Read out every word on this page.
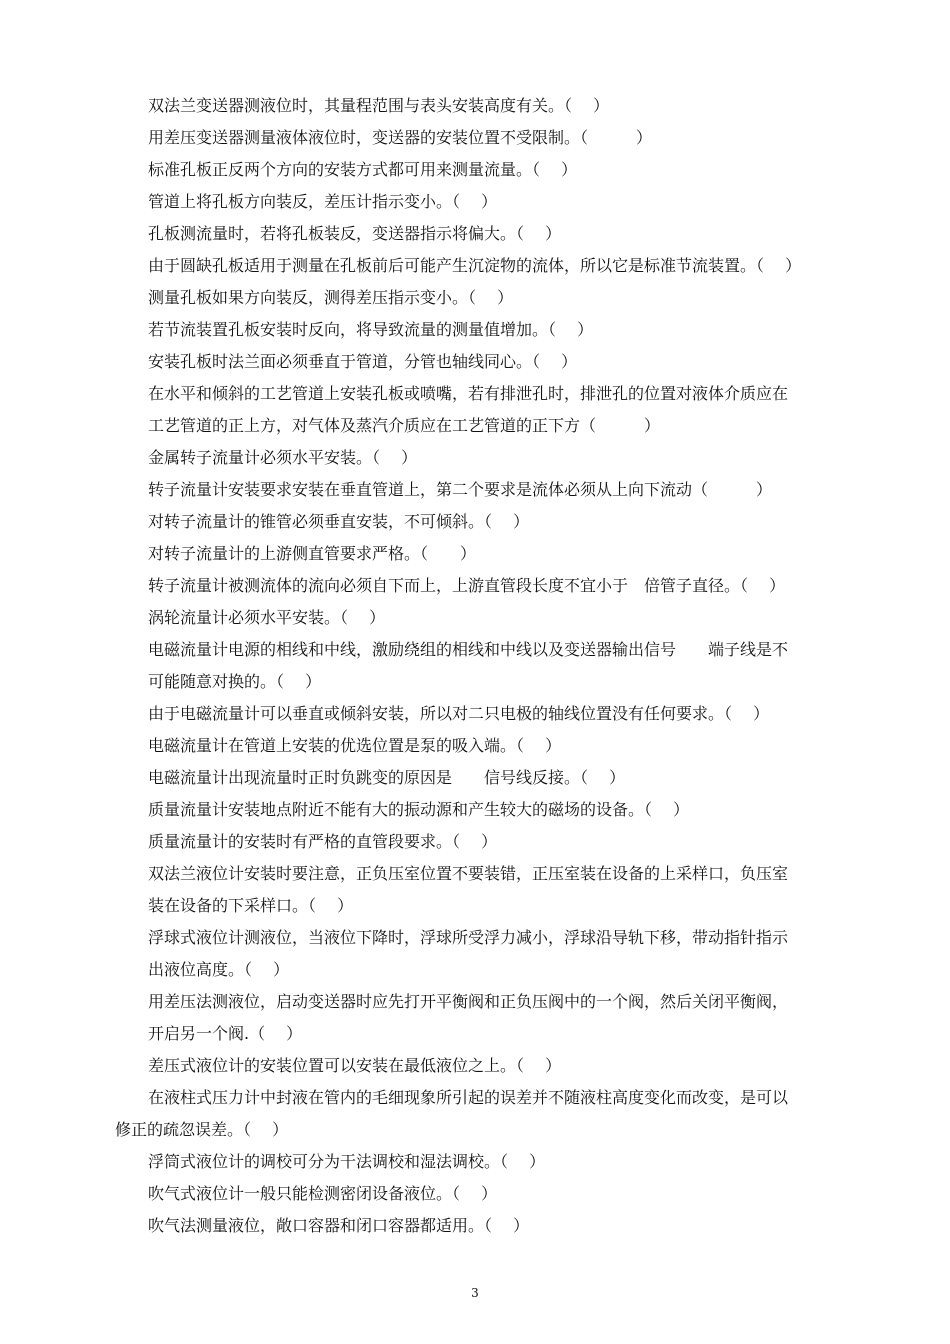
双法兰变送器测液位时，其量程范围与表头安装高度有关。（　 ）
用差压变送器测量液体液位时，变送器的安装位置不受限制。（　　　）
标准孔板正反两个方向的安装方式都可用来测量流量。（　 ）
管道上将孔板方向装反，差压计指示变小。（　 ）
孔板测流量时，若将孔板装反，变送器指示将偏大。（　 ）
由于圆缺孔板适用于测量在孔板前后可能产生沉淀物的流体，所以它是标准节流装置。（　 ）
测量孔板如果方向装反，测得差压指示变小。（　 ）
若节流装置孔板安装时反向，将导致流量的测量值增加。（　 ）
安装孔板时法兰面必须垂直于管道，分管也轴线同心。（　 ）
在水平和倾斜的工艺管道上安装孔板或喷嘴，若有排泄孔时，排泄孔的位置对液体介质应在
工艺管道的正上方，对气体及蒸汽介质应在工艺管道的正下方（　　　）
金属转子流量计必须水平安装。（　 ）
转子流量计安装要求安装在垂直管道上，第二个要求是流体必须从上向下流动（　　　）
对转子流量计的锥管必须垂直安装，不可倾斜。（　 ）
对转子流量计的上游侧直管要求严格。（　　）
转子流量计被测流体的流向必须自下而上，上游直管段长度不宜小于　倍管子直径。（　 ）
涡轮流量计必须水平安装。（　 ）
电磁流量计电源的相线和中线，激励绕组的相线和中线以及变送器输出信号　　端子线是不
可能随意对换的。（　 ）
由于电磁流量计可以垂直或倾斜安装，所以对二只电极的轴线位置没有任何要求。（　 ）
电磁流量计在管道上安装的优选位置是泵的吸入端。（　 ）
电磁流量计出现流量时正时负跳变的原因是　　信号线反接。（　 ）
质量流量计安装地点附近不能有大的振动源和产生较大的磁场的设备。（　 ）
质量流量计的安装时有严格的直管段要求。（　 ）
双法兰液位计安装时要注意，正负压室位置不要装错，正压室装在设备的上采样口，负压室
装在设备的下采样口。（　 ）
浮球式液位计测液位，当液位下降时，浮球所受浮力减小，浮球沿导轨下移，带动指针指示
出液位高度。（　 ）
用差压法测液位，启动变送器时应先打开平衡阀和正负压阀中的一个阀，然后关闭平衡阀，
开启另一个阀.（　 ）
差压式液位计的安装位置可以安装在最低液位之上。（　 ）
在液柱式压力计中封液在管内的毛细现象所引起的误差并不随液柱高度变化而改变，是可以
修正的疏忽误差。（　 ）
浮筒式液位计的调校可分为干法调校和湿法调校。（　 ）
吹气式液位计一般只能检测密闭设备液位。（　 ）
吹气法测量液位，敞口容器和闭口容器都适用。（　 ）
3
